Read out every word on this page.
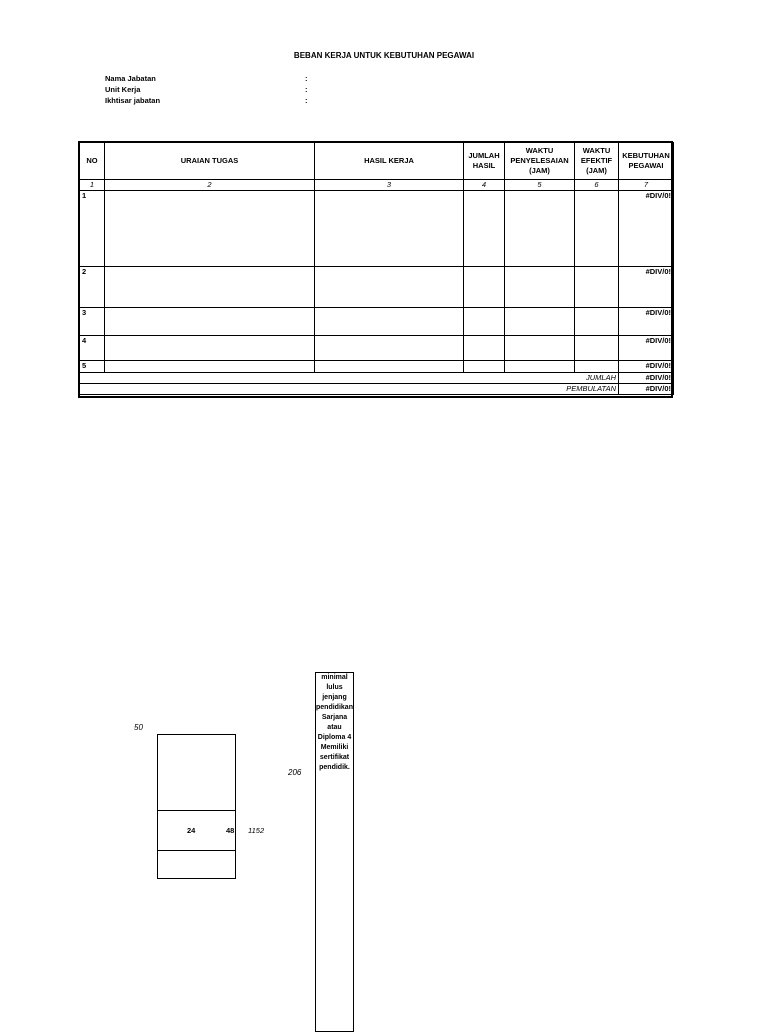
BEBAN KERJA UNTUK KEBUTUHAN PEGAWAI
Nama Jabatan	:
Unit Kerja	:
Ikhtisar jabatan	:
NO	URAIAN TUGAS	HASIL KERJA	JUMLAH HASIL	WAKTU PENYELESAIAN (JAM)	WAKTU EFEKTIF (JAM)	KEBUTUHAN PEGAWAI
1	2	3	4	5	6	7
1						#DIV/0!
2						#DIV/0!
3						#DIV/0!
4						#DIV/0!
5						#DIV/0!
JUMLAH						#DIV/0!
PEMBULATAN						#DIV/0!
50
24	48 1152
206
minimal
lulus
jenjang
pendidikan
Sarjana
atau
Diploma 4
Memiliki
sertifikat
pendidik.
